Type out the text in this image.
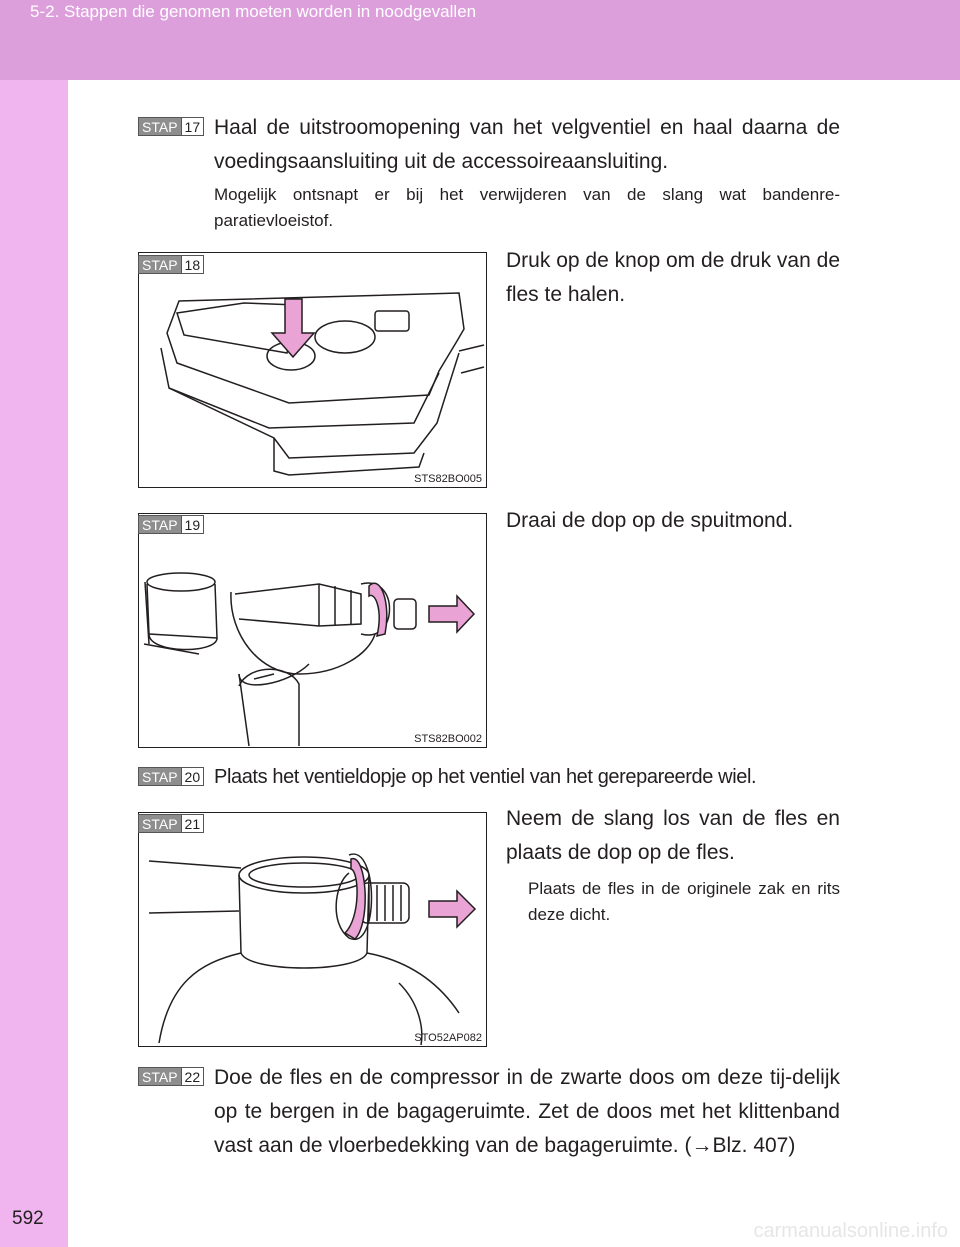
5-2. Stappen die genomen moeten worden in noodgevallen
592
STAP 17 Haal de uitstroomopening van het velgventiel en haal daarna de voedingsaansluiting uit de accessoireaansluiting.
Mogelijk ontsnapt er bij het verwijderen van de slang wat bandenre-paratievloeistof.
STS82BO005
STAP 18	Druk op de knop om de druk van de fles te halen.
STS82BO002
STAP 19	Draai de dop op de spuitmond.
STAP 20 Plaats het ventieldopje op het ventiel van het gerepareerde wiel.
STO52AP082
STAP 21	Neem de slang los van de fles en plaats de dop op de fles.
Plaats de fles in de originele zak en rits deze dicht.
STAP 22 Doe de fles en de compressor in de zwarte doos om deze tij-delijk op te bergen in de bagageruimte. Zet de doos met het klittenband vast aan de vloerbedekking van de bagageruimte. (→Blz. 407)
carmanualsonline.info
